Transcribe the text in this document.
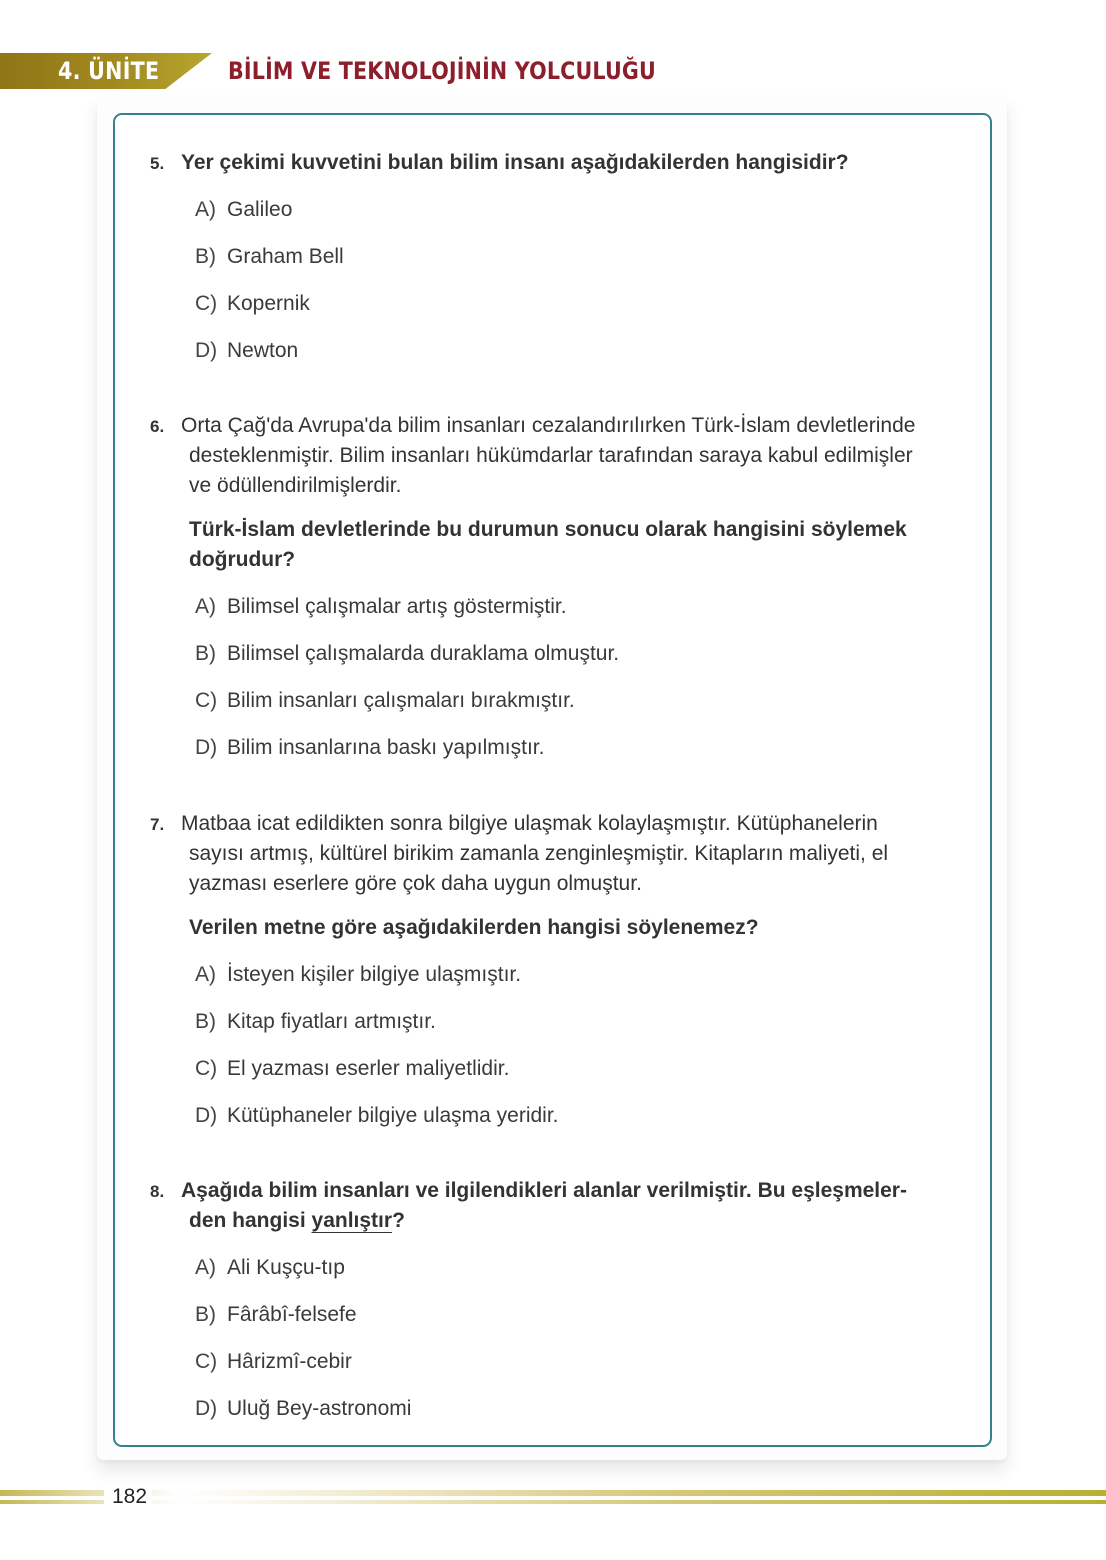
4. ÜNİTE	BİLİM VE TEKNOLOJİNİN YOLCULUĞU
5. Yer çekimi kuvvetini bulan bilim insanı aşağıdakilerden hangisidir?
A) Galileo
B) Graham Bell
C) Kopernik
D) Newton
6. Orta Çağ'da Avrupa'da bilim insanları cezalandırılırken Türk-İslam devletlerinde
desteklenmiştir. Bilim insanları hükümdarlar tarafından saraya kabul edilmişler
ve ödüllendirilmişlerdir.
Türk-İslam devletlerinde bu durumun sonucu olarak hangisini söylemek
doğrudur?
A) Bilimsel çalışmalar artış göstermiştir.
B) Bilimsel çalışmalarda duraklama olmuştur.
C) Bilim insanları çalışmaları bırakmıştır.
D) Bilim insanlarına baskı yapılmıştır.
7. Matbaa icat edildikten sonra bilgiye ulaşmak kolaylaşmıştır. Kütüphanelerin
sayısı artmış, kültürel birikim zamanla zenginleşmiştir. Kitapların maliyeti, el
yazması eserlere göre çok daha uygun olmuştur.
Verilen metne göre aşağıdakilerden hangisi söylenemez?
A) İsteyen kişiler bilgiye ulaşmıştır.
B) Kitap fiyatları artmıştır.
C) El yazması eserler maliyetlidir.
D) Kütüphaneler bilgiye ulaşma yeridir.
8. Aşağıda bilim insanları ve ilgilendikleri alanlar verilmiştir. Bu eşleşmeler-
den hangisi yanlıştır?
A) Ali Kuşçu-tıp
B) Fârâbî-felsefe
C) Hârizmî-cebir
D) Uluğ Bey-astronomi
182
